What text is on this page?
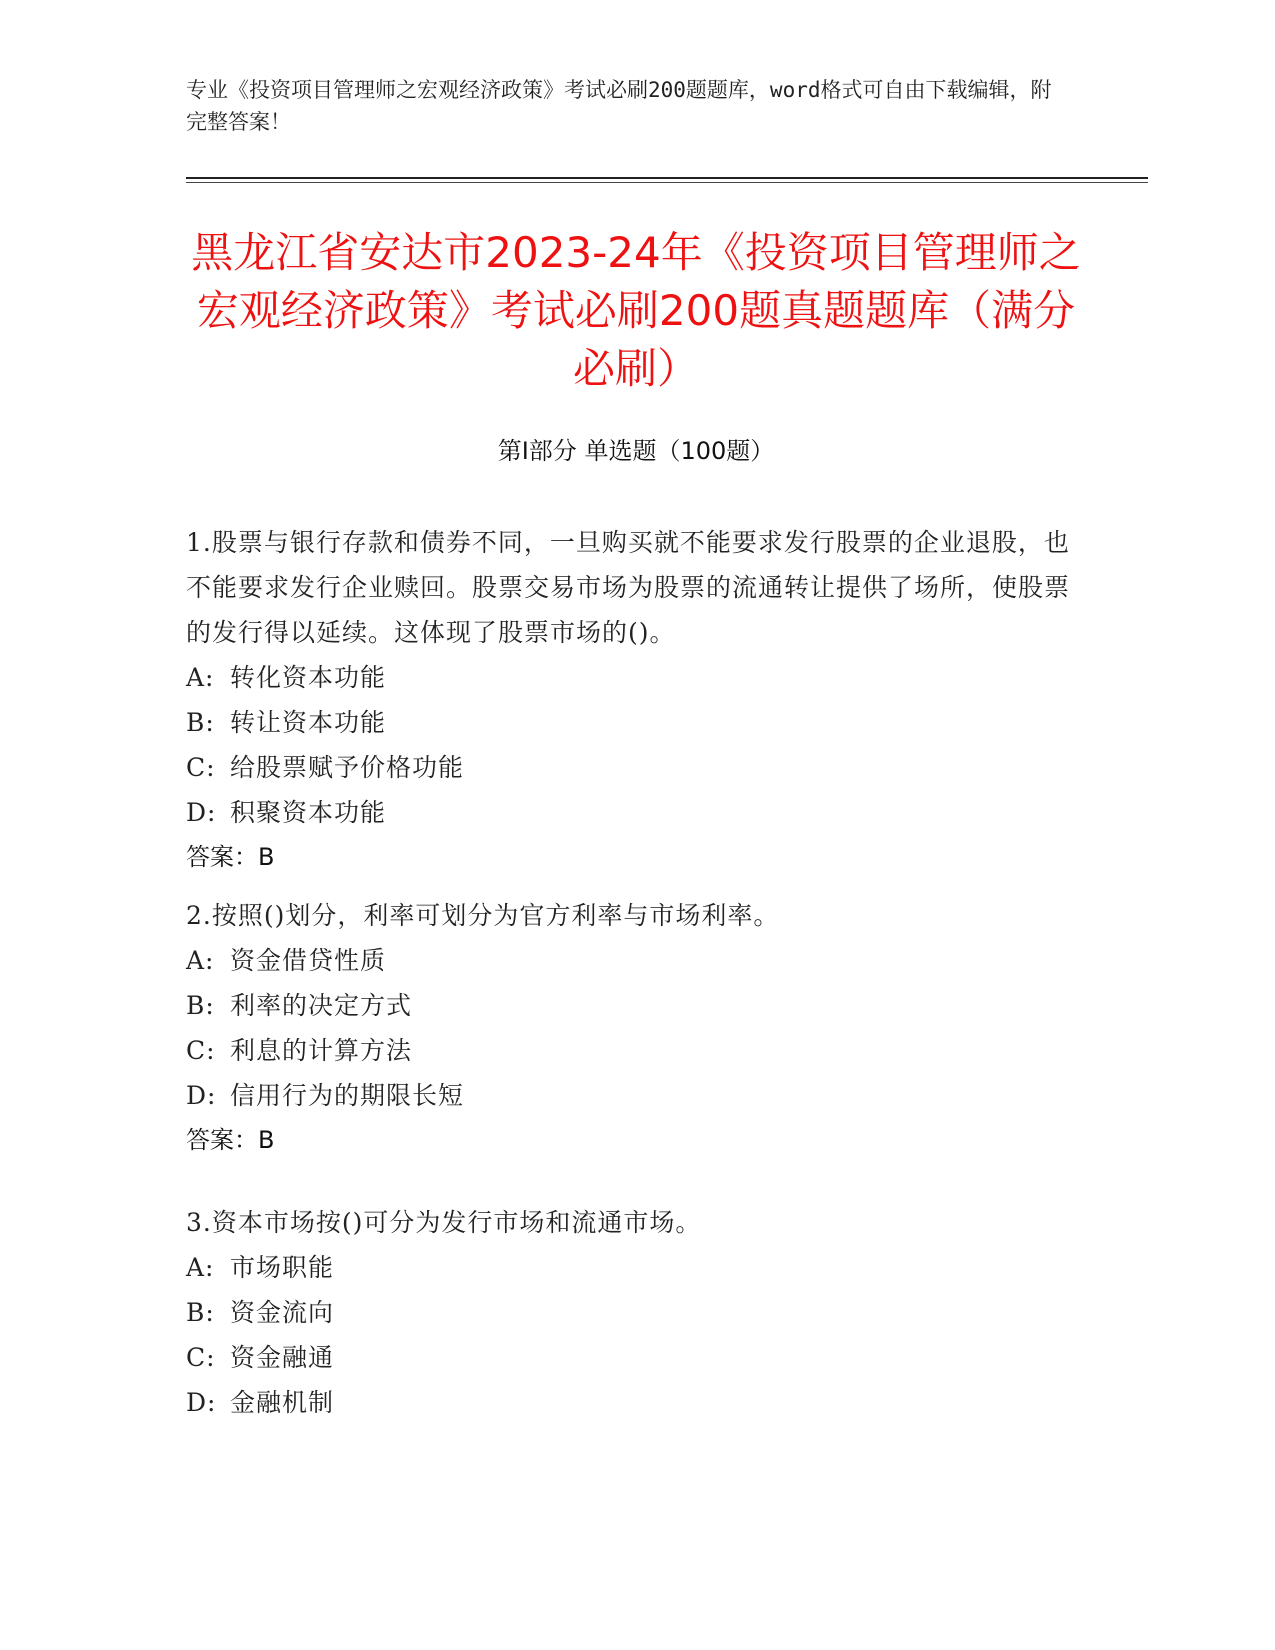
专业《投资项目管理师之宏观经济政策》考试必刷200题题库，word格式可自由下载编辑，附完整答案！
黑龙江省安达市2023-24年《投资项目管理师之宏观经济政策》考试必刷200题真题题库（满分必刷）
第Ⅰ部分 单选题（100题）
1.股票与银行存款和债券不同，一旦购买就不能要求发行股票的企业退股，也不能要求发行企业赎回。股票交易市场为股票的流通转让提供了场所，使股票的发行得以延续。这体现了股票市场的()。
A: 转化资本功能
B: 转让资本功能
C: 给股票赋予价格功能
D: 积聚资本功能
答案：B
2.按照()划分，利率可划分为官方利率与市场利率。
A: 资金借贷性质
B: 利率的决定方式
C: 利息的计算方法
D: 信用行为的期限长短
答案：B
3.资本市场按()可分为发行市场和流通市场。
A: 市场职能
B: 资金流向
C: 资金融通
D: 金融机制
